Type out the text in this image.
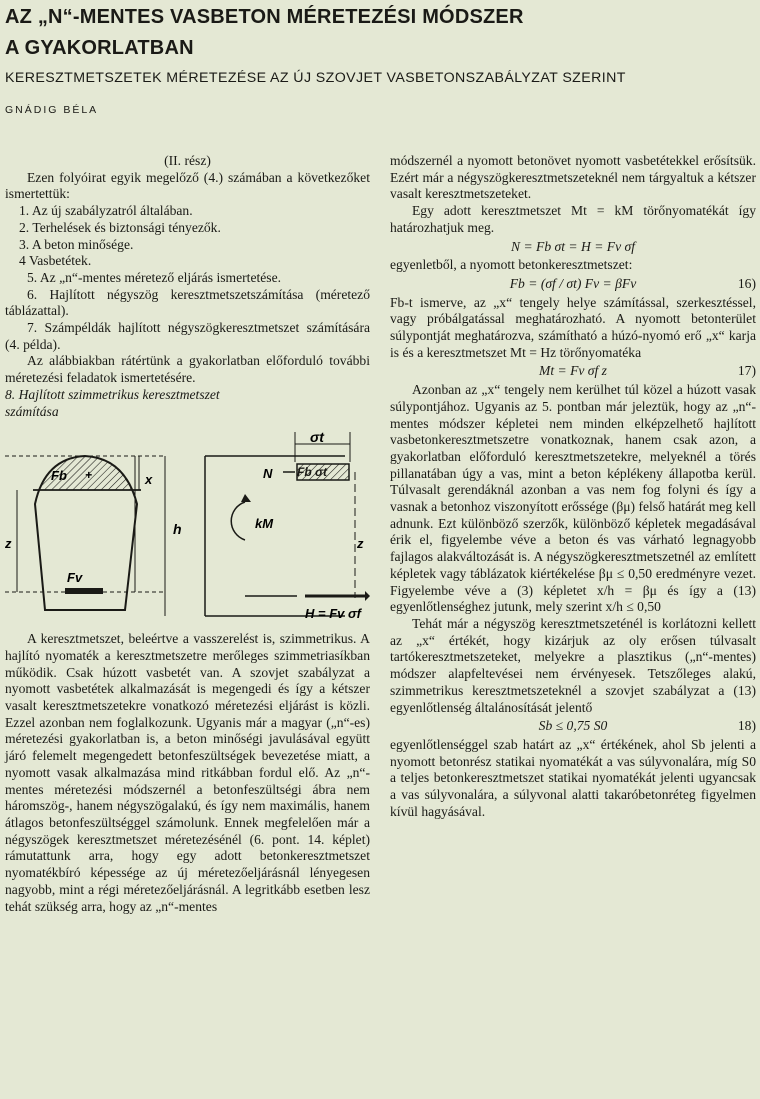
AZ „N“-MENTES VASBETON MÉRETEZÉSI MÓDSZER
A GYAKORLATBAN
KERESZTMETSZETEK MÉRETEZÉSE AZ ÚJ SZOVJET VASBETONSZABÁLYZAT SZERINT
GNÁDIG BÉLA

(II. rész)

Ezen folyóirat egyik megelőző (4.) számában a következőket ismertettük:

1. Az új szabályzatról általában.

2. Terhelések és biztonsági tényezők.

3. A beton minősége.

4 Vasbetétek.

5. Az „n“-mentes méretező eljárás ismertetése.

6. Hajlított négyszög keresztmetszetszámítása (méretező táblázattal).

7. Számpéldák hajlított négyszögkeresztmetszet számítására (4. példa).

Az alábbiakban rátértünk a gyakorlatban előforduló további méretezési feladatok ismertetésére.

8. Hajlított szimmetrikus keresztmetszet
számítása

Fb +
Fv
z
x
h	kM
Fb σt
σt
N
z
H = Fv σf

A keresztmetszet, beleértve a vasszerelést is, szimmetrikus. A hajlító nyomaték a keresztmetszetre merőleges szimmetriasíkban működik. Csak húzott vasbetét van. A szovjet szabályzat a nyomott vasbetétek alkalmazását is megengedi és így a kétszer vasalt keresztmetszetekre vonatkozó méretezési eljárást is közli. Ezzel azonban nem foglalkozunk. Ugyanis már a magyar („n“-es) méretezési gyakorlatban is, a beton minőségi javulásával együtt járó felemelt megengedett betonfeszültségek bevezetése miatt, a nyomott vasak alkalmazása mind ritkábban fordul elő. Az „n“-mentes méretezési módszernél a betonfeszültségi ábra nem háromszög-, hanem négyszögalakú, és így nem maximális, hanem átlagos betonfeszültséggel számolunk. Ennek megfelelően már a négyszögek keresztmetszet méretezésénél (6. pont. 14. képlet) rámutattunk arra, hogy egy adott betonkeresztmetszet nyomatékbíró képessége az új méretezőeljárásnál lényegesen nagyobb, mint a régi méretezőeljárásnál. A legritkább esetben lesz tehát szükség arra, hogy az „n“-mentes

módszernél a nyomott betonövet nyomott vasbetétekkel erősítsük. Ezért már a négyszögkeresztmetszeteknél nem tárgyaltuk a kétszer vasalt keresztmetszeteket.

Egy adott keresztmetszet Mt = kM törőnyomatékát így határozhatjuk meg.

N = Fb σt = H = Fv σf

egyenletből, a nyomott betonkeresztmetszet:

Fb = (σf / σt) Fv = βFv	16)

Fb-t ismerve, az „x“ tengely helye számítással, szerkesztéssel, vagy próbálgatással meghatározható. A nyomott betonterület súlypontját meghatározva, számítható a húzó-nyomó erő „x“ karja is és a keresztmetszet Mt = Hz törőnyomatéka

Mt = Fv σf z	17)

Azonban az „x“ tengely nem kerülhet túl közel a húzott vasak súlypontjához. Ugyanis az 5. pontban már jeleztük, hogy az „n“-mentes módszer képletei nem minden elképzelhető hajlított vasbetonkeresztmetszetre vonatkoznak, hanem csak azon, a gyakorlatban előforduló keresztmetszetekre, melyeknél a törés pillanatában úgy a vas, mint a beton képlékeny állapotba kerül. Túlvasalt gerendáknál azonban a vas nem fog folyni és így a vasnak a betonhoz viszonyított erőssége (βμ) felső határát meg kell adnunk. Ezt különböző szerzők, különböző képletek megadásával érik el, figyelembe véve a beton és vas várható legnagyobb fajlagos alakváltozását is. A négyszögkeresztmetszetnél az említett képletek vagy táblázatok kiértékelése βμ ≤ 0,50 eredményre vezet. Figyelembe véve a (3) képletet x/h = βμ és így a (13) egyenlőtlenséghez jutunk, mely szerint x/h ≤ 0,50

Tehát már a négyszög keresztmetszeténél is korlátozni kellett az „x“ értékét, hogy kizárjuk az oly erősen túlvasalt tartókeresztmetszeteket, melyekre a plasztikus („n“-mentes) módszer alapfeltevései nem érvényesek. Tetszőleges alakú, szimmetrikus keresztmetszeteknél a szovjet szabályzat a (13) egyenlőtlenség általánosítását jelentő

Sb ≤ 0,75 S0	18)

egyenlőtlenséggel szab határt az „x“ értékének, ahol Sb jelenti a nyomott betonrész statikai nyomatékát a vas súlyvonalára, míg S0 a teljes betonkeresztmetszet statikai nyomatékát jelenti ugyancsak a vas súlyvonalára, a súlyvonal alatti takaróbetonréteg figyelmen kívül hagyásával.
